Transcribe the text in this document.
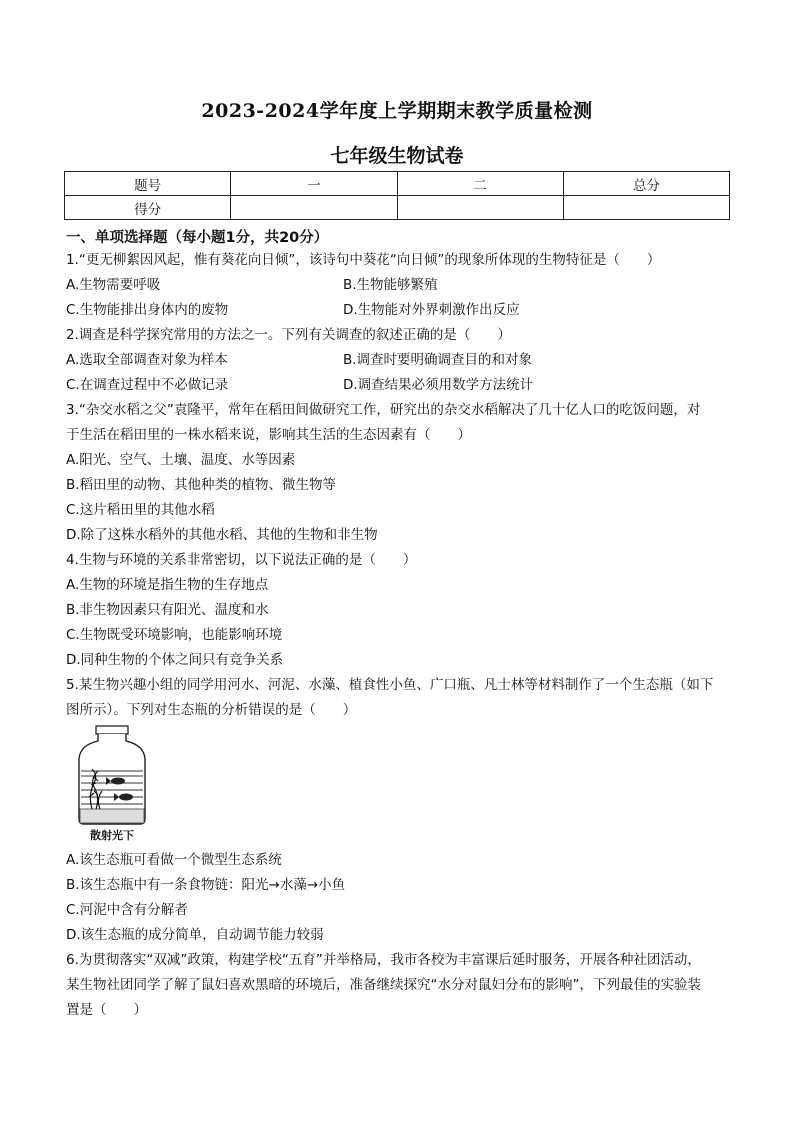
2023-2024学年度上学期期末教学质量检测
七年级生物试卷
题号	一	二	总分
得分			
一、单项选择题（每小题1分，共20分）
1.“更无柳絮因风起，惟有葵花向日倾”，该诗句中葵花“向日倾”的现象所体现的生物特征是（　　）
A.生物需要呼吸	B.生物能够繁殖
C.生物能排出身体内的废物	D.生物能对外界刺激作出反应
2.调查是科学探究常用的方法之一。下列有关调查的叙述正确的是（　　）
A.选取全部调查对象为样本	B.调查时要明确调查目的和对象
C.在调查过程中不必做记录	D.调查结果必须用数学方法统计
3.“杂交水稻之父”袁隆平，常年在稻田间做研究工作，研究出的杂交水稻解决了几十亿人口的吃饭问题，对
于生活在稻田里的一株水稻来说，影响其生活的生态因素有（　　）
A.阳光、空气、土壤、温度、水等因素
B.稻田里的动物、其他种类的植物、微生物等
C.这片稻田里的其他水稻
D.除了这株水稻外的其他水稻、其他的生物和非生物
4.生物与环境的关系非常密切，以下说法正确的是（　　）
A.生物的环境是指生物的生存地点
B.非生物因素只有阳光、温度和水
C.生物既受环境影响，也能影响环境
D.同种生物的个体之间只有竞争关系
5.某生物兴趣小组的同学用河水、河泥、水藻、植食性小鱼、广口瓶、凡士林等材料制作了一个生态瓶（如下
图所示）。下列对生态瓶的分析错误的是（　　）
散射光下
A.该生态瓶可看做一个微型生态系统
B.该生态瓶中有一条食物链：阳光→水藻→小鱼
C.河泥中含有分解者
D.该生态瓶的成分简单，自动调节能力较弱
6.为贯彻落实“双减”政策，构建学校“五育”并举格局，我市各校为丰富课后延时服务，开展各种社团活动，
某生物社团同学了解了鼠妇喜欢黑暗的环境后，准备继续探究“水分对鼠妇分布的影响”，下列最佳的实验装
置是（　　）
